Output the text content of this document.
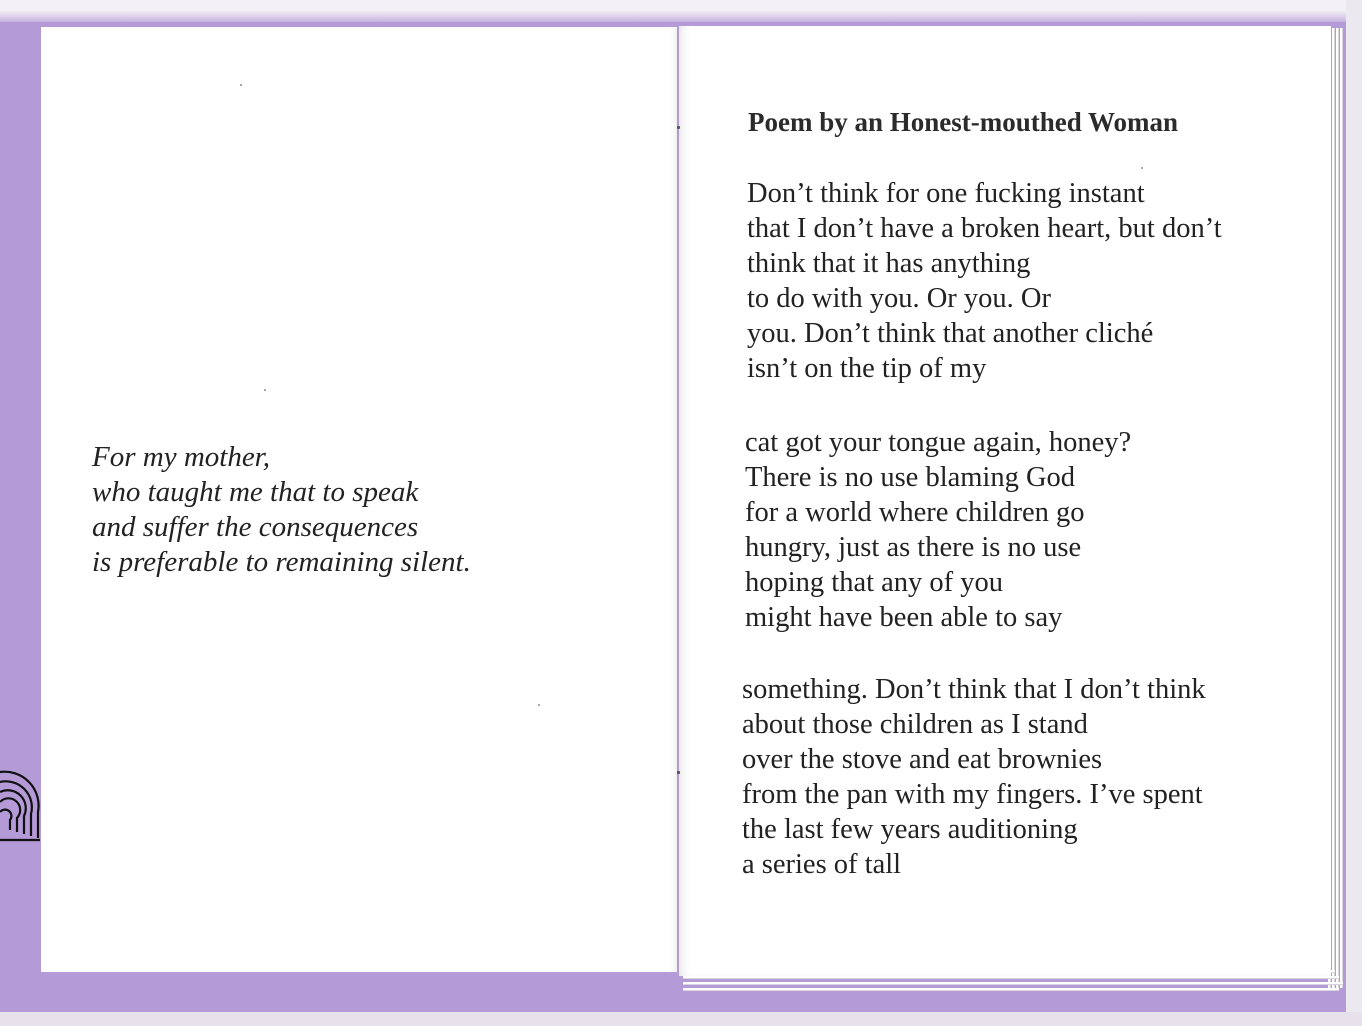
For my mother,
who taught me that to speak
and suffer the consequences
is preferable to remaining silent.
Poem by an Honest-mouthed Woman
Don’t think for one fucking instant
that I don’t have a broken heart, but don’t
think that it has anything
to do with you. Or you. Or
you. Don’t think that another cliché
isn’t on the tip of my
cat got your tongue again, honey?
There is no use blaming God
for a world where children go
hungry, just as there is no use
hoping that any of you
might have been able to say
something. Don’t think that I don’t think
about those children as I stand
over the stove and eat brownies
from the pan with my fingers. I’ve spent
the last few years auditioning
a series of tall
